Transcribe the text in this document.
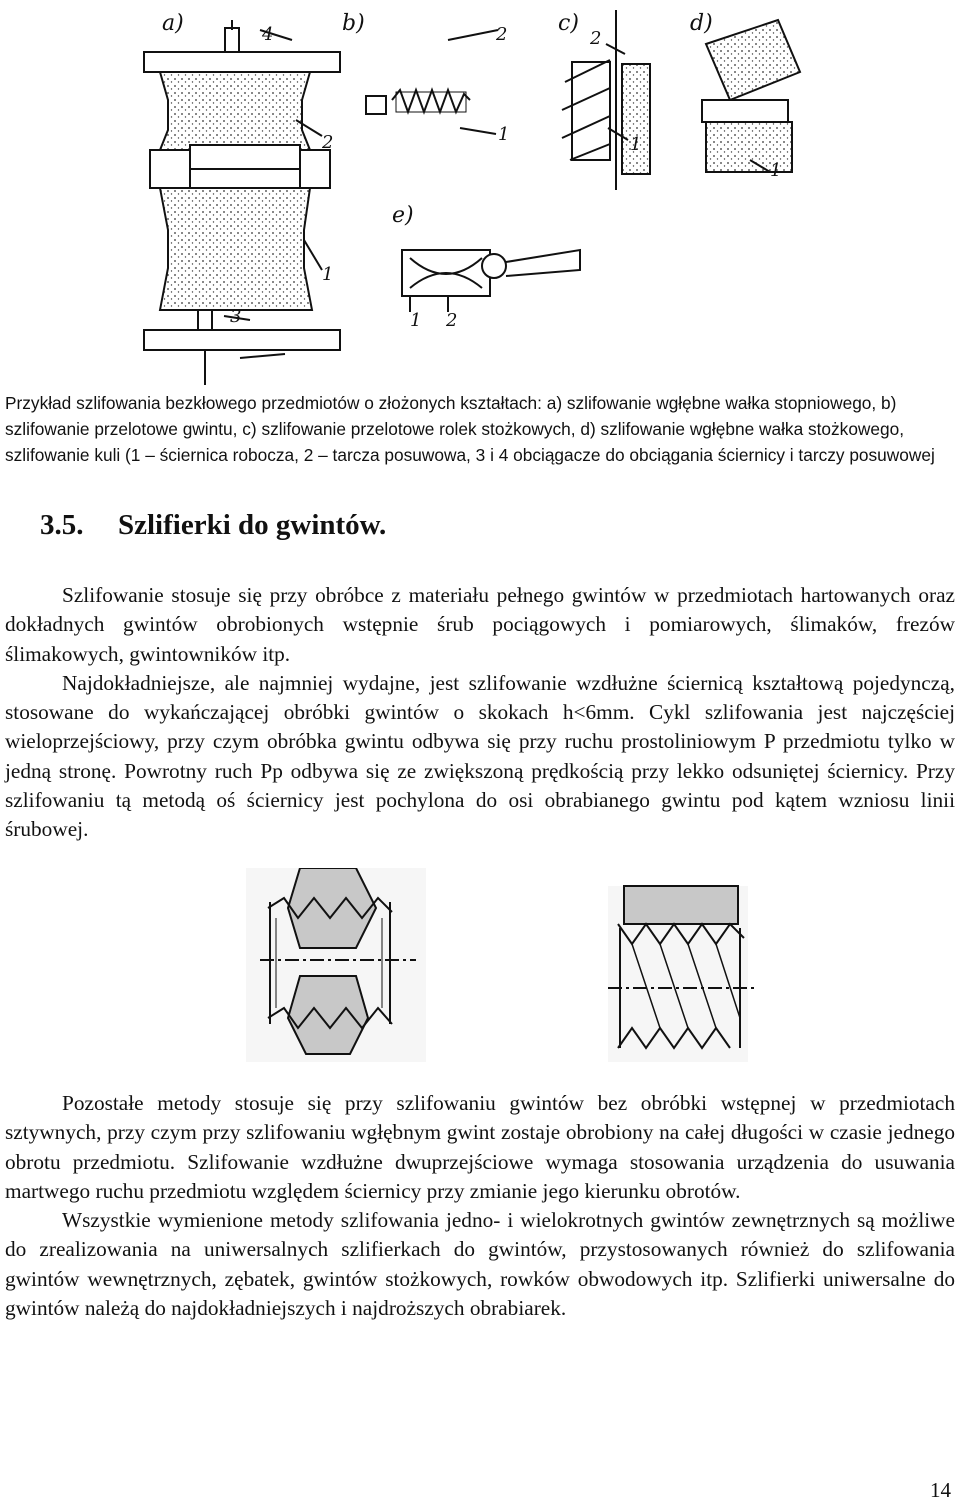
a)	b)	c)	d)
e)
4
2
1
3
2
1
2
1
1
1 2
Przykład szlifowania bezkłowego przedmiotów o złożonych kształtach: a) szlifowanie wgłębne wałka stopniowego, b) szlifowanie przelotowe gwintu, c) szlifowanie przelotowe rolek stożkowych, d) szlifowanie wgłębne wałka stożkowego, szlifowanie kuli (1 – ściernica robocza, 2 – tarcza posuwowa, 3 i 4 obciągacze do obciągania ściernicy i tarczy posuwowej
3.5. Szlifierki do gwintów.

Szlifowanie stosuje się przy obróbce z materiału pełnego gwintów w przedmiotach hartowanych oraz dokładnych gwintów obrobionych wstępnie śrub pociągowych i pomiarowych, ślimaków, frezów ślimakowych, gwintowników itp.

Najdokładniejsze, ale najmniej wydajne, jest szlifowanie wzdłużne ściernicą kształtową pojedynczą, stosowane do wykańczającej obróbki gwintów o skokach h<6mm. Cykl szlifowania jest najczęściej wieloprzejściowy, przy czym obróbka gwintu odbywa się przy ruchu prostoliniowym P przedmiotu tylko w jedną stronę. Powrotny ruch Pp odbywa się ze zwiększoną prędkością przy lekko odsuniętej ściernicy. Przy szlifowaniu tą metodą oś ściernicy jest pochylona do osi obrabianego gwintu pod kątem wzniosu linii śrubowej.

Pozostałe metody stosuje się przy szlifowaniu gwintów bez obróbki wstępnej w przedmiotach sztywnych, przy czym przy szlifowaniu wgłębnym gwint zostaje obrobiony na całej długości w czasie jednego obrotu przedmiotu. Szlifowanie wzdłużne dwuprzejściowe wymaga stosowania urządzenia do usuwania martwego ruchu przedmiotu względem ściernicy przy zmianie jego kierunku obrotów.

Wszystkie wymienione metody szlifowania jedno- i wielokrotnych gwintów zewnętrznych są możliwe do zrealizowania na uniwersalnych szlifierkach do gwintów, przystosowanych również do szlifowania gwintów wewnętrznych, zębatek, gwintów stożkowych, rowków obwodowych itp. Szlifierki uniwersalne do gwintów należą do najdokładniejszych i najdroższych obrabiarek.

14
